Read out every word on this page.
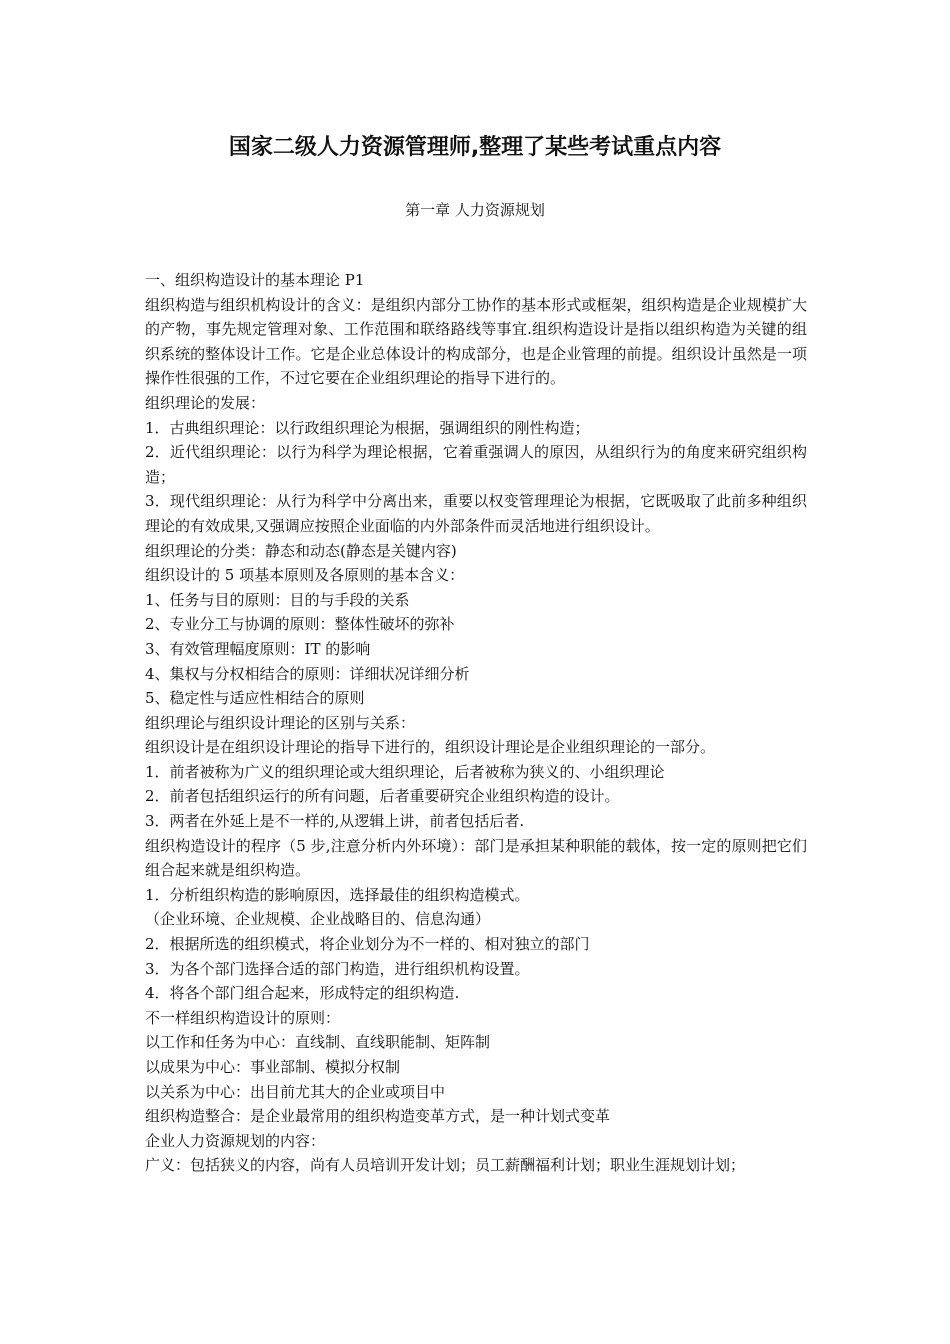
国家二级人力资源管理师,整理了某些考试重点内容
第一章 人力资源规划

一、组织构造设计的基本理论 P1

组织构造与组织机构设计的含义：是组织内部分工协作的基本形式或框架，组织构造是企业规模扩大的产物，事先规定管理对象、工作范围和联络路线等事宜.组织构造设计是指以组织构造为关键的组织系统的整体设计工作。它是企业总体设计的构成部分，也是企业管理的前提。组织设计虽然是一项操作性很强的工作，不过它要在企业组织理论的指导下进行的。

组织理论的发展：

1．古典组织理论：以行政组织理论为根据，强调组织的刚性构造；

2．近代组织理论：以行为科学为理论根据，它着重强调人的原因，从组织行为的角度来研究组织构造；

3．现代组织理论：从行为科学中分离出来，重要以权变管理理论为根据，它既吸取了此前多种组织理论的有效成果,又强调应按照企业面临的内外部条件而灵活地进行组织设计。

组织理论的分类：静态和动态(静态是关键内容)

组织设计的 5 项基本原则及各原则的基本含义：

1、任务与目的原则：目的与手段的关系

2、专业分工与协调的原则：整体性破坏的弥补

3、有效管理幅度原则：IT 的影响

4、集权与分权相结合的原则：详细状况详细分析

5、稳定性与适应性相结合的原则

组织理论与组织设计理论的区别与关系：

组织设计是在组织设计理论的指导下进行的，组织设计理论是企业组织理论的一部分。

1．前者被称为广义的组织理论或大组织理论，后者被称为狭义的、小组织理论

2．前者包括组织运行的所有问题，后者重要研究企业组织构造的设计。

3．两者在外延上是不一样的,从逻辑上讲，前者包括后者.

组织构造设计的程序（5 步,注意分析内外环境）：部门是承担某种职能的载体，按一定的原则把它们组合起来就是组织构造。

1．分析组织构造的影响原因，选择最佳的组织构造模式。

（企业环境、企业规模、企业战略目的、信息沟通）

2．根据所选的组织模式，将企业划分为不一样的、相对独立的部门

3．为各个部门选择合适的部门构造，进行组织机构设置。

4．将各个部门组合起来，形成特定的组织构造.

不一样组织构造设计的原则：

以工作和任务为中心：直线制、直线职能制、矩阵制

以成果为中心：事业部制、模拟分权制

以关系为中心：出目前尤其大的企业或项目中

组织构造整合：是企业最常用的组织构造变革方式，是一种计划式变革

企业人力资源规划的内容：

广义：包括狭义的内容，尚有人员培训开发计划；员工薪酬福利计划；职业生涯规划计划；
